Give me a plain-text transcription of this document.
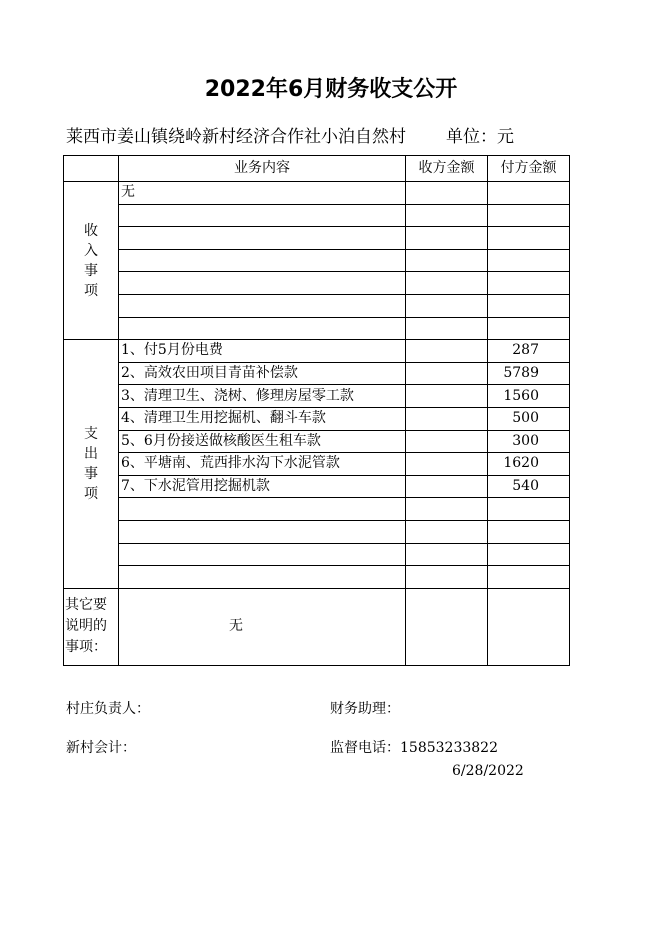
2022年6月财务收支公开
莱西市姜山镇绕岭新村经济合作社小泊自然村 单位：元
	业务内容	收方金额	付方金额

收
入
事
项	无		

支
出
事
项	1、付5月份电费		287
	2、高效农田项目青苗补偿款		5789
	3、清理卫生、浇树、修理房屋零工款		1560
	4、清理卫生用挖掘机、翻斗车款		500
	5、6月份接送做核酸医生租车款		300
	6、平塘南、荒西排水沟下水泥管款		1620
	7、下水泥管用挖掘机款		540

其它要
说明的
事项：	无		
村庄负责人：	财务助理：
新村会计：	监督电话：15853233822
6/28/2022
